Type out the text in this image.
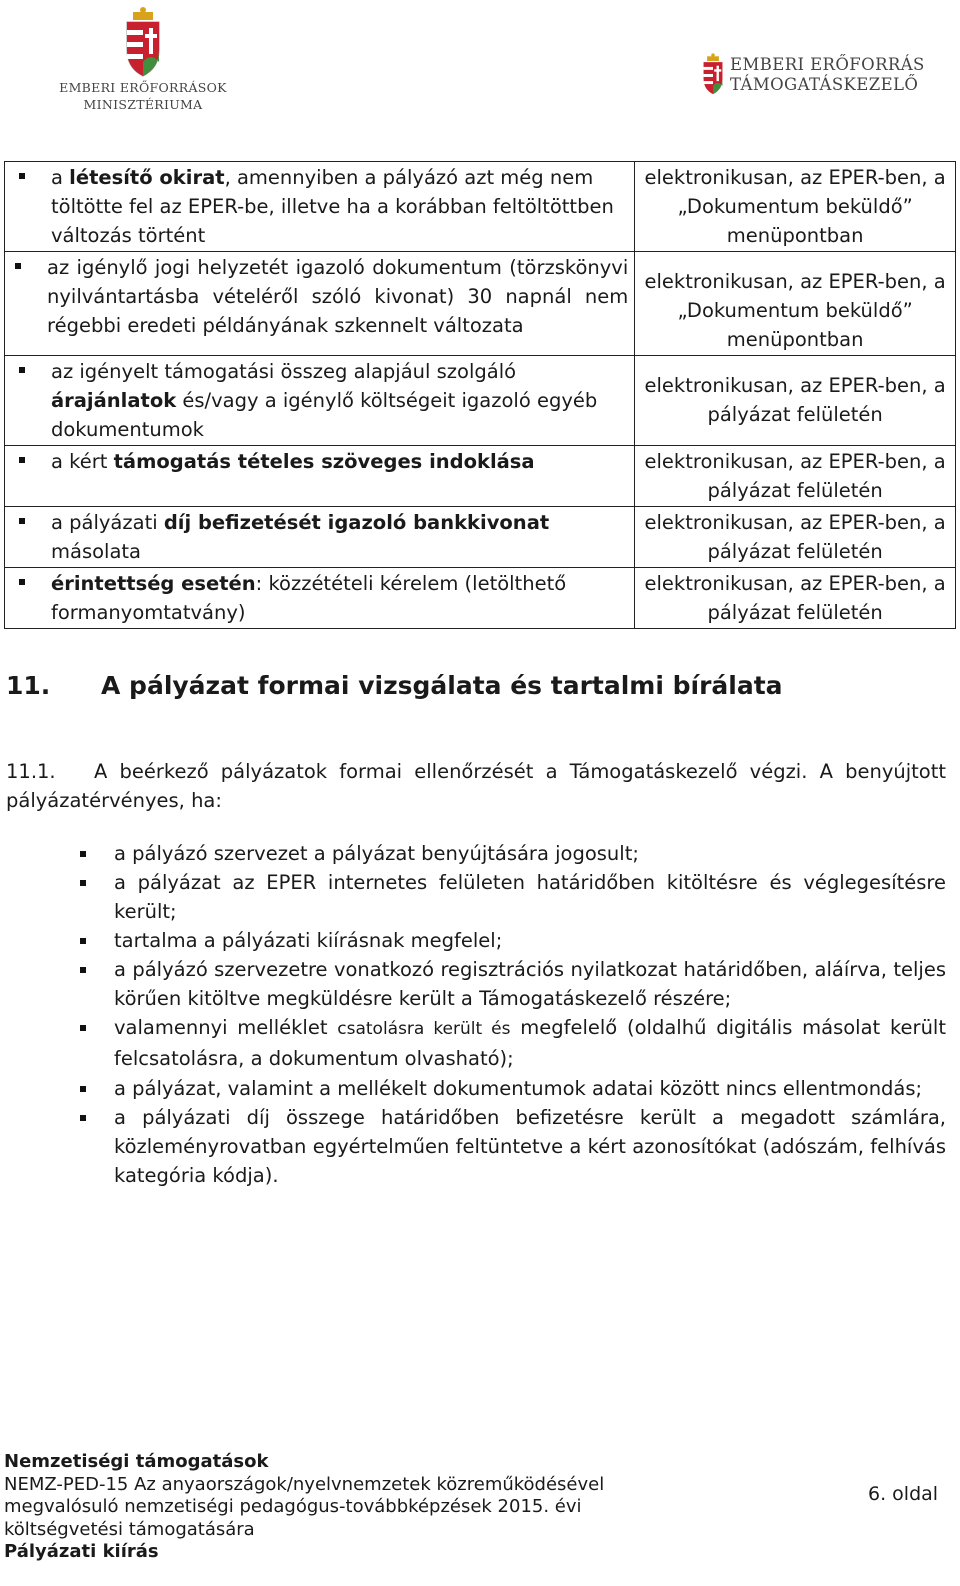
EMBERI ERŐFORRÁSOK
MINISZTÉRIUMA
EMBERI ERŐFORRÁS
TÁMOGATÁSKEZELŐ
a létesítő okirat, amennyiben a pályázó azt még nem töltötte fel az EPER-be, illetve ha a korábban feltöltöttben változás történt	elektronikusan, az EPER-ben, a „Dokumentum beküldő” menüpontban

az igénylő jogi helyzetét igazoló dokumentum (törzskönyvi nyilvántartásba vételéről szóló kivonat) 30 napnál nem régebbi eredeti példányának szkennelt változata	elektronikusan, az EPER-ben, a „Dokumentum beküldő” menüpontban

az igényelt támogatási összeg alapjául szolgáló árajánlatok és/vagy a igénylő költségeit igazoló egyéb dokumentumok	elektronikusan, az EPER-ben, a pályázat felületén

a kért támogatás tételes szöveges indoklása	elektronikusan, az EPER-ben, a pályázat felületén

a pályázati díj befizetését igazoló bankkivonat másolata	elektronikusan, az EPER-ben, a pályázat felületén

érintettség esetén: közzétételi kérelem (letölthető formanyomtatvány)	elektronikusan, az EPER-ben, a pályázat felületén
11. A pályázat formai vizsgálata és tartalmi bírálata
11.1. A beérkező pályázatok formai ellenőrzését a Támogatáskezelő végzi. A benyújtott pályázatérvényes, ha:
a pályázó szervezet a pályázat benyújtására jogosult;
a pályázat az EPER internetes felületen határidőben kitöltésre és véglegesítésre került;
tartalma a pályázati kiírásnak megfelel;
a pályázó szervezetre vonatkozó regisztrációs nyilatkozat határidőben, aláírva, teljes körűen kitöltve megküldésre került a Támogatáskezelő részére;
valamennyi melléklet csatolásra került és megfelelő (oldalhű digitális másolat került felcsatolásra, a dokumentum olvasható);
a pályázat, valamint a mellékelt dokumentumok adatai között nincs ellentmondás;
a pályázati díj összege határidőben befizetésre került a megadott számlára, közleményrovatban egyértelműen feltüntetve a kért azonosítókat (adószám, felhívás kategória kódja).
Nemzetiségi támogatások
NEMZ-PED-15 Az anyaországok/nyelvnemzetek közreműködésével megvalósuló nemzetiségi pedagógus-továbbképzések 2015. évi költségvetési támogatására
Pályázati kiírás
6. oldal
